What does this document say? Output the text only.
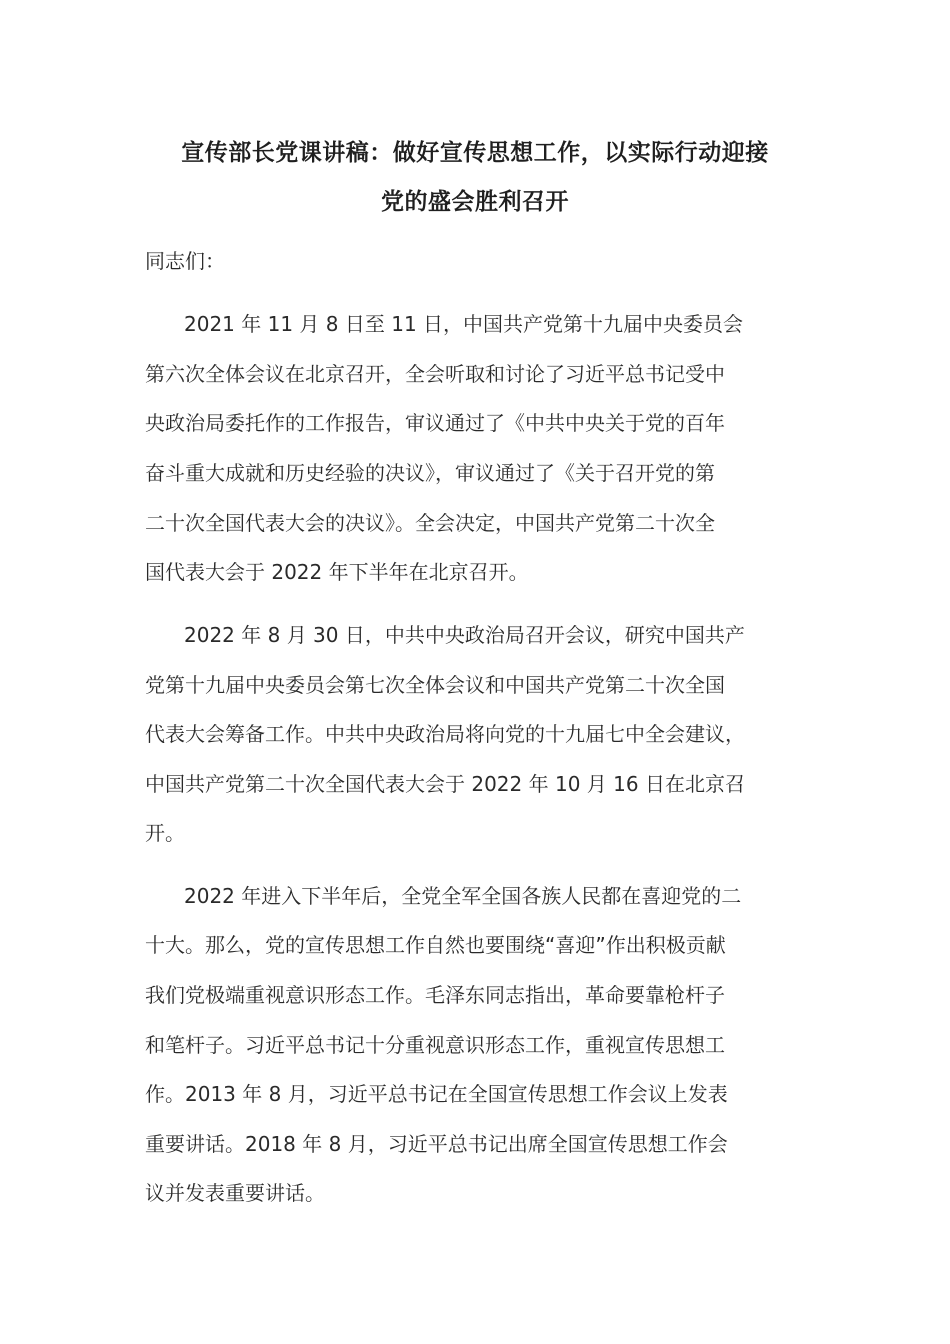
宣传部长党课讲稿：做好宣传思想工作，以实际行动迎接
党的盛会胜利召开
同志们：
2021 年 11 月 8 日至 11 日，中国共产党第十九届中央委员会
第六次全体会议在北京召开，全会听取和讨论了习近平总书记受中
央政治局委托作的工作报告，审议通过了《中共中央关于党的百年
奋斗重大成就和历史经验的决议》，审议通过了《关于召开党的第
二十次全国代表大会的决议》。全会决定，中国共产党第二十次全
国代表大会于 2022 年下半年在北京召开。
2022 年 8 月 30 日，中共中央政治局召开会议，研究中国共产
党第十九届中央委员会第七次全体会议和中国共产党第二十次全国
代表大会筹备工作。中共中央政治局将向党的十九届七中全会建议，
中国共产党第二十次全国代表大会于 2022 年 10 月 16 日在北京召
开。
2022 年进入下半年后，全党全军全国各族人民都在喜迎党的二
十大。那么，党的宣传思想工作自然也要围绕“喜迎”作出积极贡献
我们党极端重视意识形态工作。毛泽东同志指出，革命要靠枪杆子
和笔杆子。习近平总书记十分重视意识形态工作，重视宣传思想工
作。2013 年 8 月，习近平总书记在全国宣传思想工作会议上发表
重要讲话。2018 年 8 月，习近平总书记出席全国宣传思想工作会
议并发表重要讲话。
